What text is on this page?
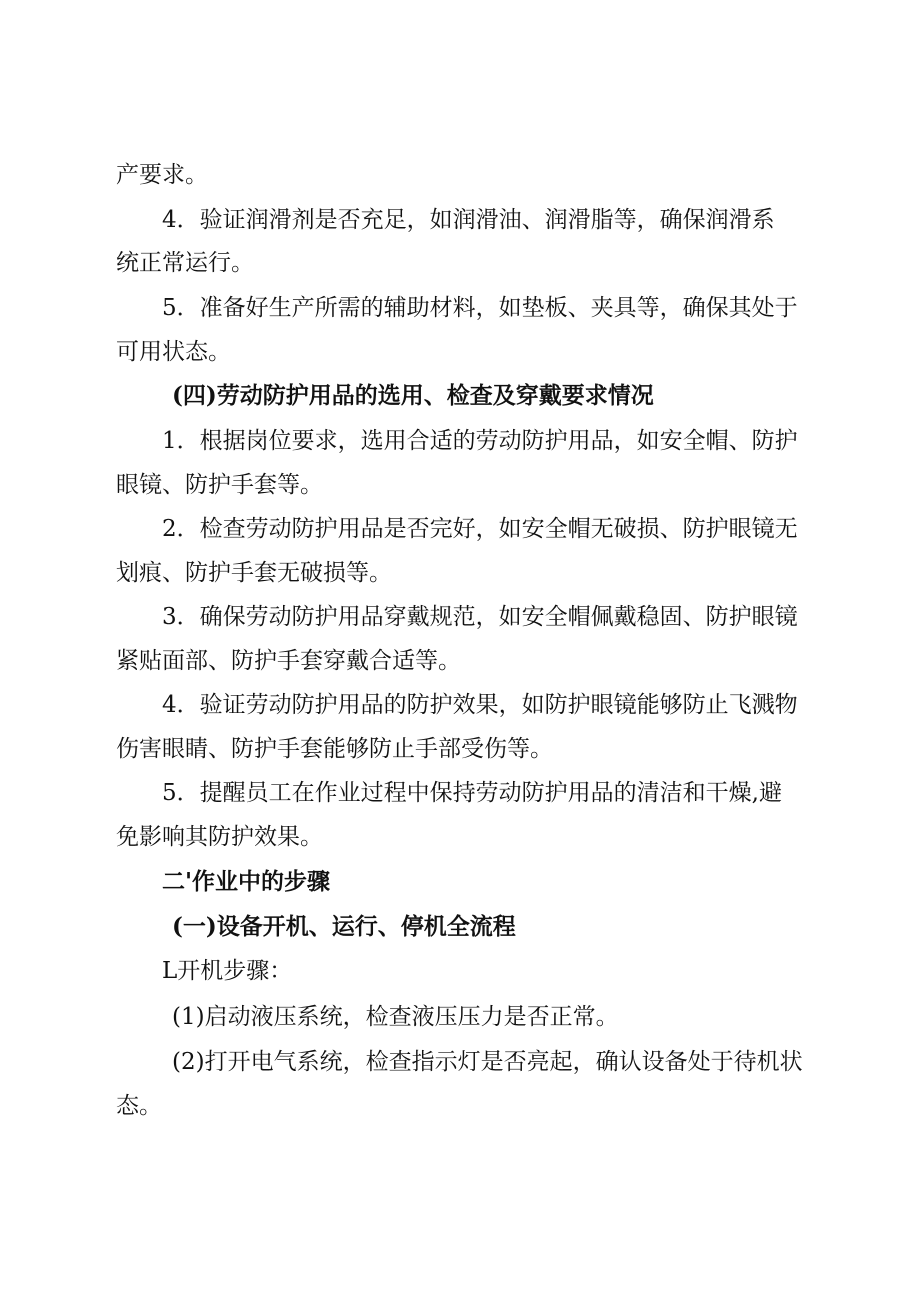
产要求。
4．验证润滑剂是否充足，如润滑油、润滑脂等，确保润滑系
统正常运行。
5．准备好生产所需的辅助材料，如垫板、夹具等，确保其处于
可用状态。
(四)劳动防护用品的选用、检查及穿戴要求情况
1．根据岗位要求，选用合适的劳动防护用品，如安全帽、防护
眼镜、防护手套等。
2．检查劳动防护用品是否完好，如安全帽无破损、防护眼镜无
划痕、防护手套无破损等。
3．确保劳动防护用品穿戴规范，如安全帽佩戴稳固、防护眼镜
紧贴面部、防护手套穿戴合适等。
4．验证劳动防护用品的防护效果，如防护眼镜能够防止飞溅物
伤害眼睛、防护手套能够防止手部受伤等。
5．提醒员工在作业过程中保持劳动防护用品的清洁和干燥,避
免影响其防护效果。
二'作业中的步骤
(一)设备开机、运行、停机全流程
L开机步骤：
(1)启动液压系统，检查液压压力是否正常。
(2)打开电气系统，检查指示灯是否亮起，确认设备处于待机状
态。
